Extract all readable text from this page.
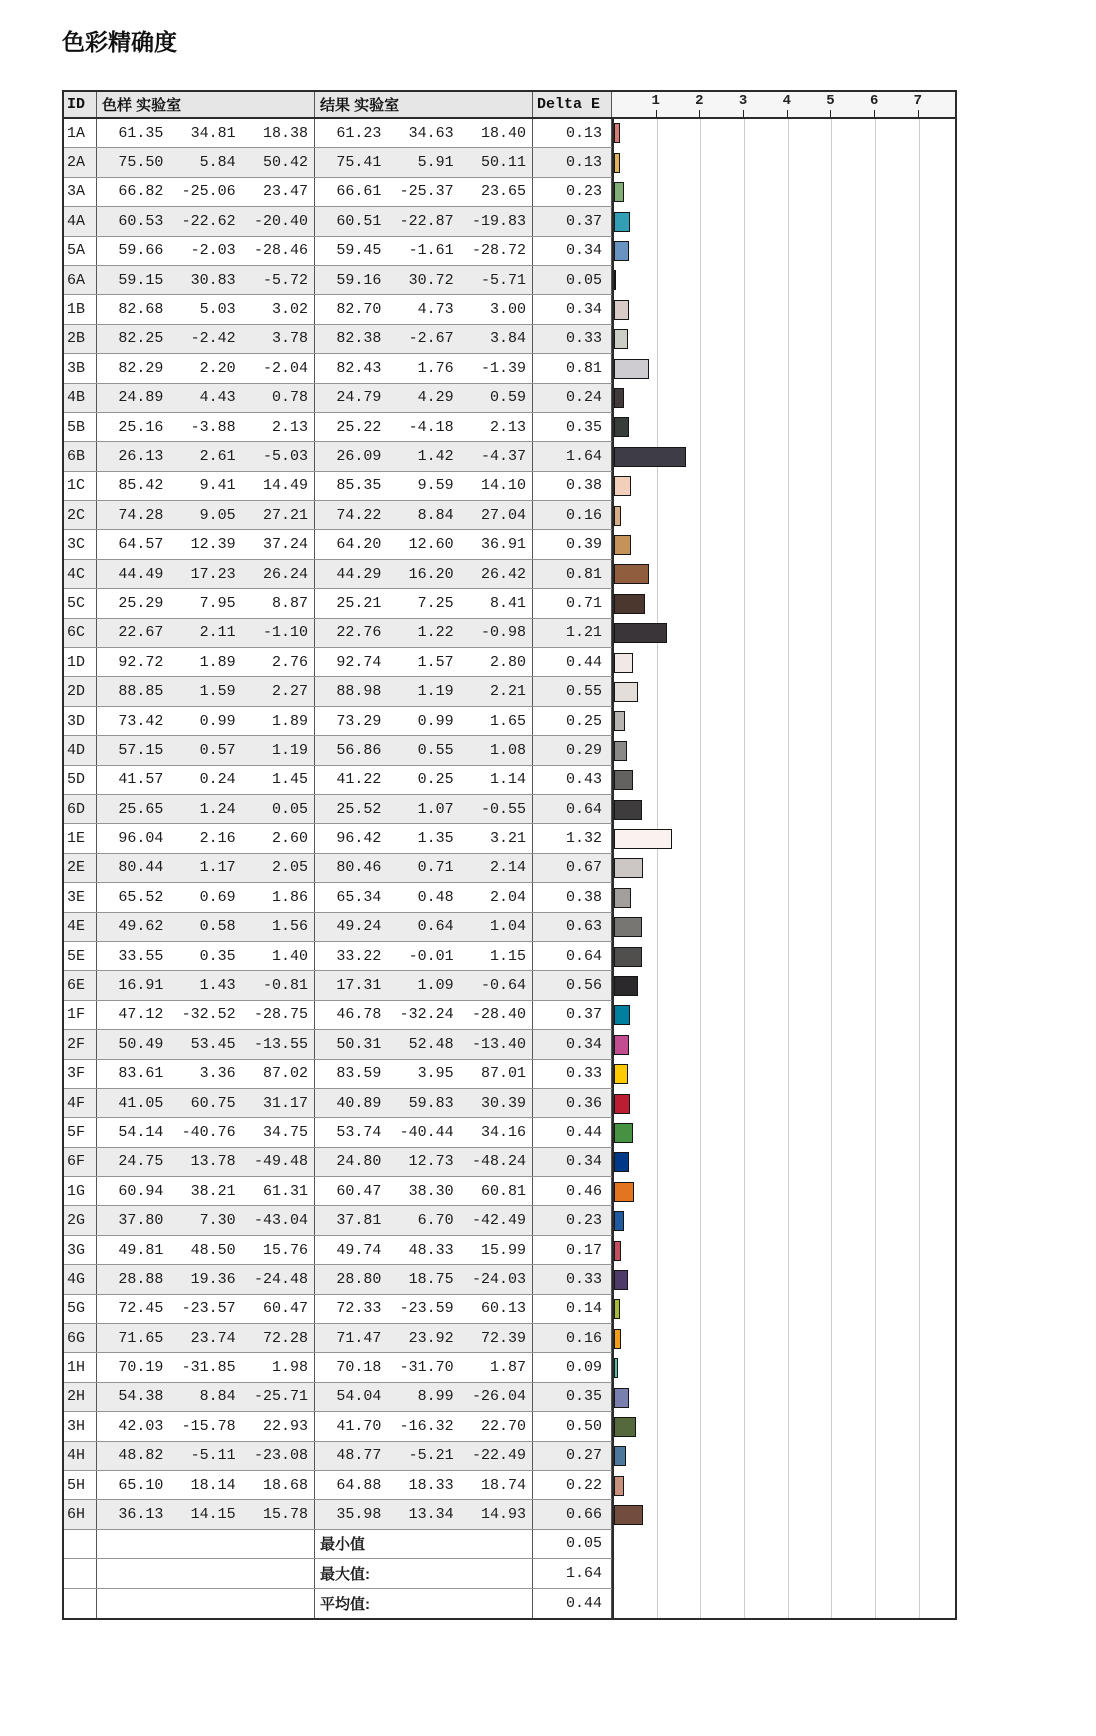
色彩精确度
ID	色样 实验室	结果 实验室	Delta E	1	2	3	4	5	6	7
1A	61.35	34.81	18.38	61.23	34.63	18.40	0.13
2A	75.50	5.84	50.42	75.41	5.91	50.11	0.13
3A	66.82	-25.06	23.47	66.61	-25.37	23.65	0.23
4A	60.53	-22.62	-20.40	60.51	-22.87	-19.83	0.37
5A	59.66	-2.03	-28.46	59.45	-1.61	-28.72	0.34
6A	59.15	30.83	-5.72	59.16	30.72	-5.71	0.05
1B	82.68	5.03	3.02	82.70	4.73	3.00	0.34
2B	82.25	-2.42	3.78	82.38	-2.67	3.84	0.33
3B	82.29	2.20	-2.04	82.43	1.76	-1.39	0.81
4B	24.89	4.43	0.78	24.79	4.29	0.59	0.24
5B	25.16	-3.88	2.13	25.22	-4.18	2.13	0.35
6B	26.13	2.61	-5.03	26.09	1.42	-4.37	1.64
1C	85.42	9.41	14.49	85.35	9.59	14.10	0.38
2C	74.28	9.05	27.21	74.22	8.84	27.04	0.16
3C	64.57	12.39	37.24	64.20	12.60	36.91	0.39
4C	44.49	17.23	26.24	44.29	16.20	26.42	0.81
5C	25.29	7.95	8.87	25.21	7.25	8.41	0.71
6C	22.67	2.11	-1.10	22.76	1.22	-0.98	1.21
1D	92.72	1.89	2.76	92.74	1.57	2.80	0.44
2D	88.85	1.59	2.27	88.98	1.19	2.21	0.55
3D	73.42	0.99	1.89	73.29	0.99	1.65	0.25
4D	57.15	0.57	1.19	56.86	0.55	1.08	0.29
5D	41.57	0.24	1.45	41.22	0.25	1.14	0.43
6D	25.65	1.24	0.05	25.52	1.07	-0.55	0.64
1E	96.04	2.16	2.60	96.42	1.35	3.21	1.32
2E	80.44	1.17	2.05	80.46	0.71	2.14	0.67
3E	65.52	0.69	1.86	65.34	0.48	2.04	0.38
4E	49.62	0.58	1.56	49.24	0.64	1.04	0.63
5E	33.55	0.35	1.40	33.22	-0.01	1.15	0.64
6E	16.91	1.43	-0.81	17.31	1.09	-0.64	0.56
1F	47.12	-32.52	-28.75	46.78	-32.24	-28.40	0.37
2F	50.49	53.45	-13.55	50.31	52.48	-13.40	0.34
3F	83.61	3.36	87.02	83.59	3.95	87.01	0.33
4F	41.05	60.75	31.17	40.89	59.83	30.39	0.36
5F	54.14	-40.76	34.75	53.74	-40.44	34.16	0.44
6F	24.75	13.78	-49.48	24.80	12.73	-48.24	0.34
1G	60.94	38.21	61.31	60.47	38.30	60.81	0.46
2G	37.80	7.30	-43.04	37.81	6.70	-42.49	0.23
3G	49.81	48.50	15.76	49.74	48.33	15.99	0.17
4G	28.88	19.36	-24.48	28.80	18.75	-24.03	0.33
5G	72.45	-23.57	60.47	72.33	-23.59	60.13	0.14
6G	71.65	23.74	72.28	71.47	23.92	72.39	0.16
1H	70.19	-31.85	1.98	70.18	-31.70	1.87	0.09
2H	54.38	8.84	-25.71	54.04	8.99	-26.04	0.35
3H	42.03	-15.78	22.93	41.70	-16.32	22.70	0.50
4H	48.82	-5.11	-23.08	48.77	-5.21	-22.49	0.27
5H	65.10	18.14	18.68	64.88	18.33	18.74	0.22
6H	36.13	14.15	15.78	35.98	13.34	14.93	0.66
最小值	0.05
最大值:	1.64
平均值:	0.44
